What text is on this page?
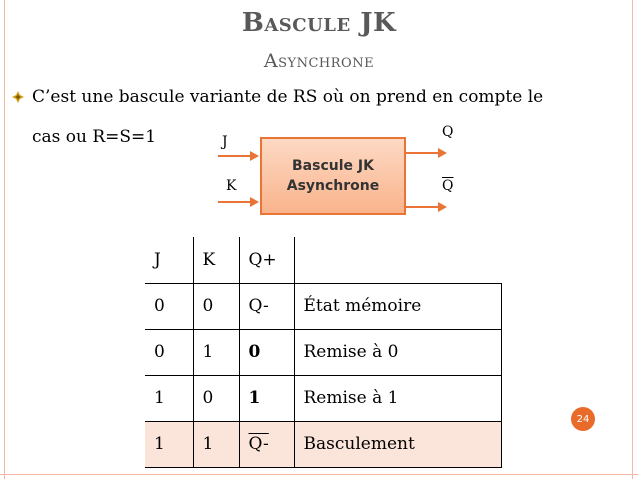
Bascule JK
Asynchrone
C’est une bascule variante de RS où on prend en compte le
cas ou R=S=1	J
K
Bascule JK
Asynchrone
Q
$\overline{Q}$
J	K	Q+	
0	0	Q-	État mémoire
0	1	0	Remise à 0
1	0	1	Remise à 1
1	1	Q-	Basculement
24
